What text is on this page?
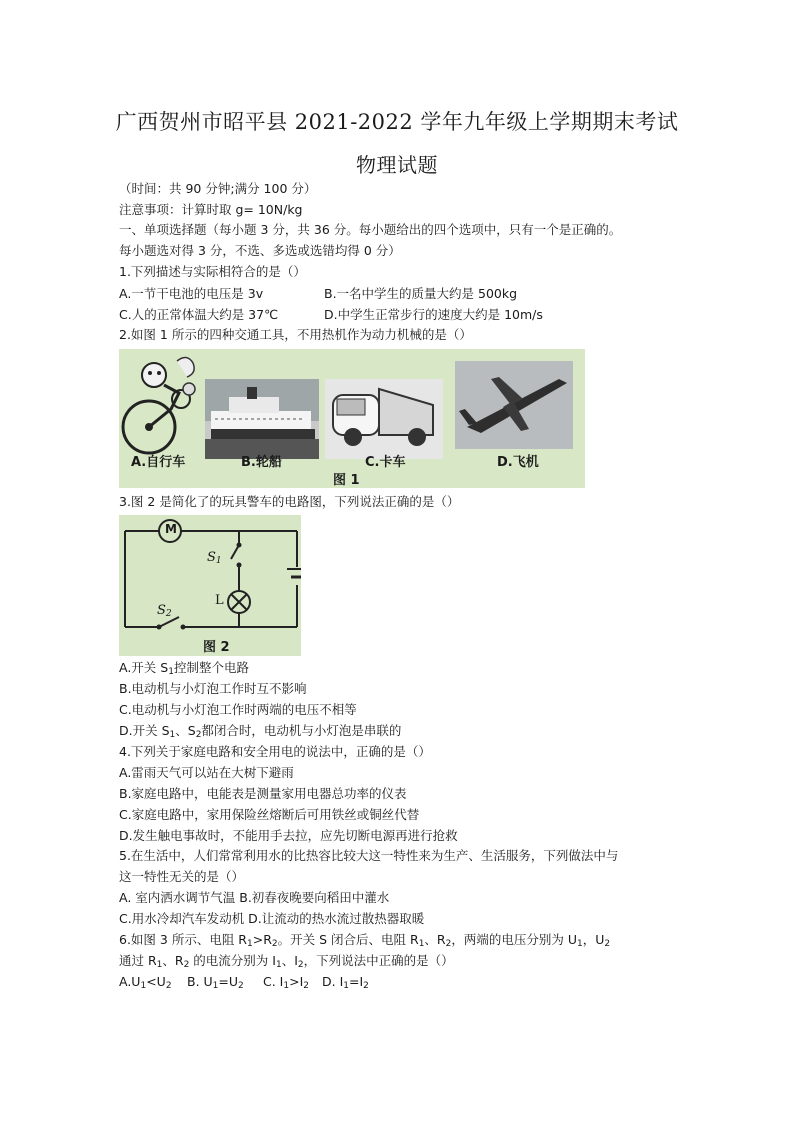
广西贺州市昭平县 2021-2022 学年九年级上学期期末考试
物理试题
（时间：共 90 分钟;满分 100 分）
注意事项：计算时取 g= 10N/kg
一、单项选择题（每小题 3 分，共 36 分。每小题给出的四个选项中，只有一个是正确的。
每小题选对得 3 分，不选、多选或选错均得 0 分）
1.下列描述与实际相符合的是（）
A.一节干电池的电压是 3v	B.一名中学生的质量大约是 500kg
C.人的正常体温大约是 37℃	D.中学生正常步行的速度大约是 10m/s
2.如图 1 所示的四种交通工具，不用热机作为动力机械的是（）
A.自行车	B.轮船	C.卡车	D.飞机
图 1
3.图 2 是简化了的玩具警车的电路图，下列说法正确的是（）
M
$S_1$
L
$S_2$
图 2
A.开关 $S_1$控制整个电路
B.电动机与小灯泡工作时互不影响
C.电动机与小灯泡工作时两端的电压不相等
D.开关 $S_1$、$S_2$都闭合时，电动机与小灯泡是串联的
4.下列关于家庭电路和安全用电的说法中，正确的是（）
A.雷雨天气可以站在大树下避雨
B.家庭电路中，电能表是测量家用电器总功率的仪表
C.家庭电路中，家用保险丝熔断后可用铁丝或铜丝代替
D.发生触电事故时，不能用手去拉，应先切断电源再进行抢救
5.在生活中，人们常常利用水的比热容比较大这一特性来为生产、生活服务，下列做法中与
这一特性无关的是（）
A. 室内洒水调节气温 B.初春夜晚要向稻田中灌水
C.用水冷却汽车发动机 D.让流动的热水流过散热器取暖
6.如图 3 所示、电阻 $R_1>R_2$。开关 S 闭合后、电阻 $R_1$、$R_2$，两端的电压分别为 $U_1$，$U_2$
通过 $R_1$、$R_2$ 的电流分别为 $I_1$、$I_2$，下列说法中正确的是（）
$A.U_1<U_2$ B. $U_1=U_2$ C. $I_1>I_2$ D. $I_1=I_2$
